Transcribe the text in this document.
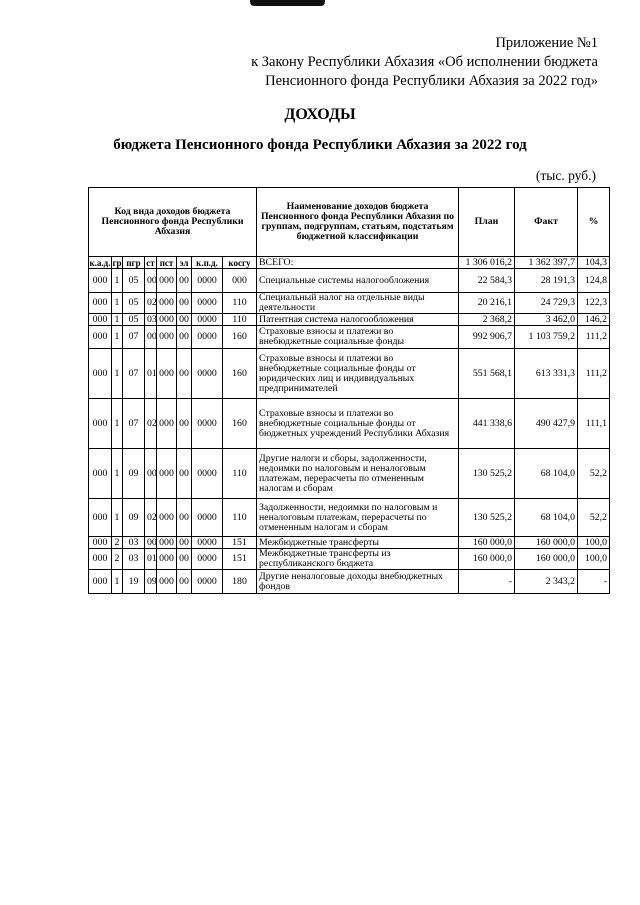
Приложение №1
к Закону Республики Абхазия «Об исполнении бюджета
Пенсионного фонда Республики Абхазия за 2022 год»
ДОХОДЫ
бюджета Пенсионного фонда Республики Абхазия за 2022 год
(тыс. руб.)
Код вида доходов бюджета Пенсионного фонда Республики Абхазия								Наименование доходов бюджета Пенсионного фонда Республики Абхазия по группам, подгруппам, статьям, подстатьям бюджетной классификации	План	Факт	%
к.а.д.	гр	пгр	ст	пст	эл	к.п.д.	косгу	ВСЕГО:	1 306 016,2	1 362 397,7	104,3
000	1	05	00	000	00	0000	000	Специальные системы налогообложения	22 584,3	28 191,3	124,8
000	1	05	02	000	00	0000	110	Специальный налог на отдельные виды деятельности	20 216,1	24 729,3	122,3
000	1	05	03	000	00	0000	110	Патентная система налогообложения	2 368,2	3 462,0	146,2
000	1	07	00	000	00	0000	160	Страховые взносы и платежи во внебюджетные социальные фонды	992 906,7	1 103 759,2	111,2
000	1	07	01	000	00	0000	160	Страховые взносы и платежи во внебюджетные социальные фонды от юридических лиц и индивидуальных предпринимателей	551 568,1	613 331,3	111,2
000	1	07	02	000	00	0000	160	Страховые взносы и платежи во внебюджетные социальные фонды от бюджетных учреждений Республики Абхазия	441 338,6	490 427,9	111,1
000	1	09	00	000	00	0000	110	Другие налоги и сборы, задолженности, недоимки по налоговым и неналоговым платежам, перерасчеты по отмененным налогам и сборам	130 525,2	68 104,0	52,2
000	1	09	02	000	00	0000	110	Задолженности, недоимки по налоговым и неналоговым платежам, перерасчеты по отмененным налогам и сборам	130 525,2	68 104,0	52,2
000	2	03	00	000	00	0000	151	Межбюджетные трансферты	160 000,0	160 000,0	100,0
000	2	03	01	000	00	0000	151	Межбюджетные трансферты из республиканского бюджета	160 000,0	160 000,0	100,0
000	1	19	09	000	00	0000	180	Другие неналоговые доходы внебюджетных фондов	-	2 343,2	-
